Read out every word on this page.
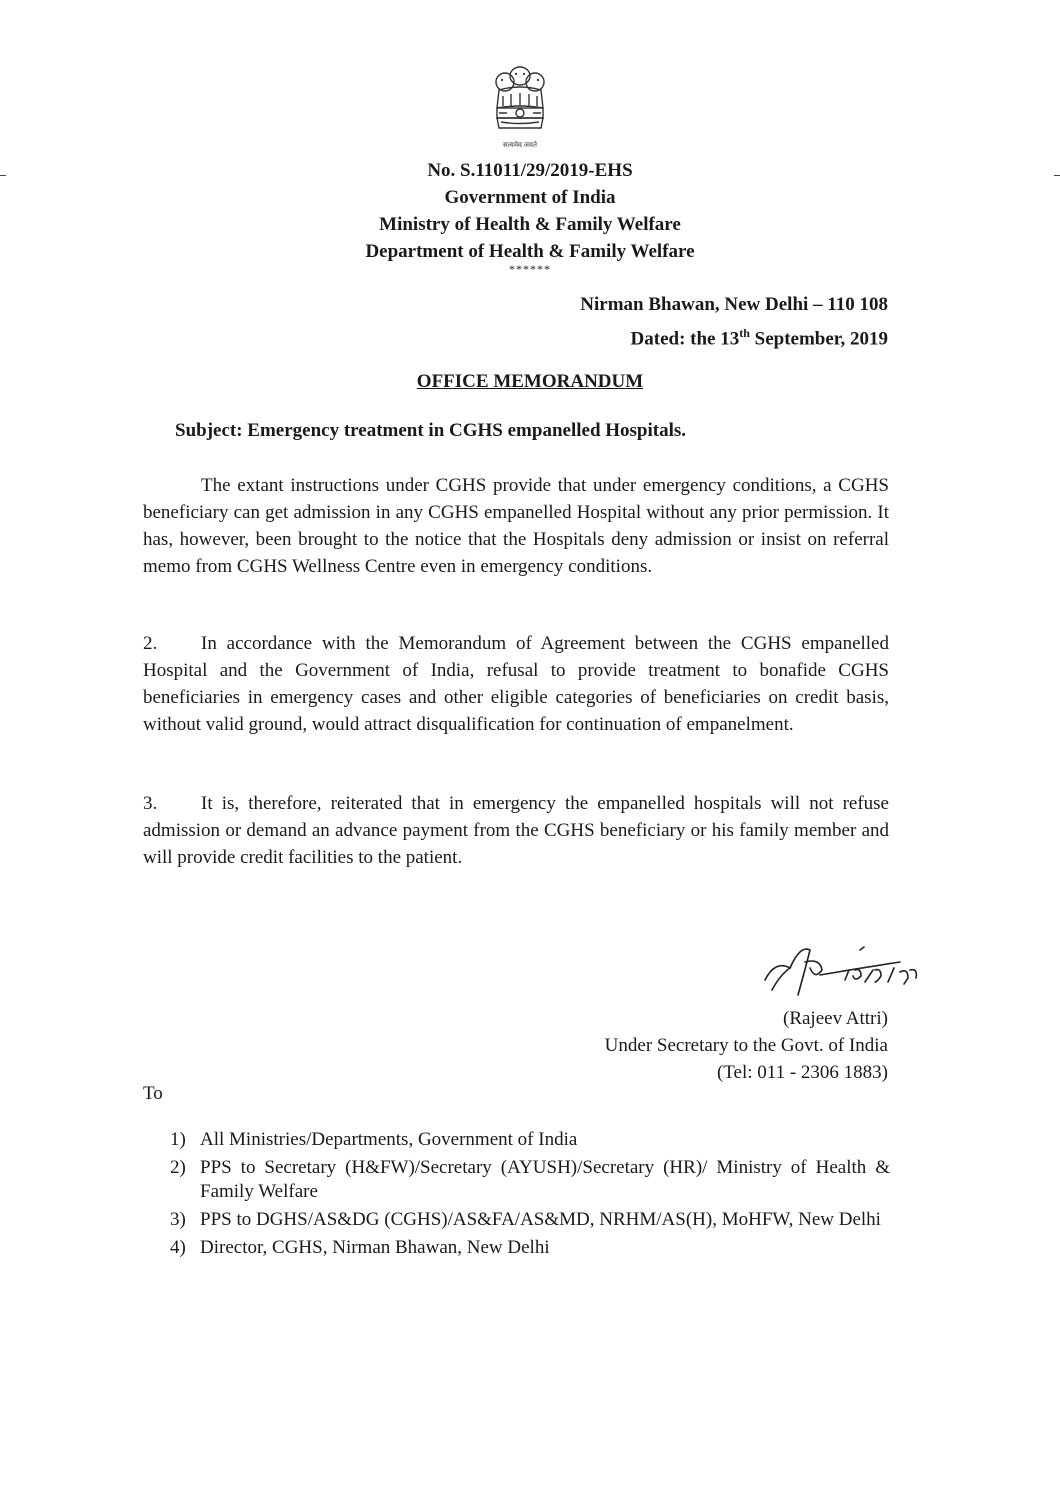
सत्यमेव जयते
No. S.11011/29/2019-EHS
Government of India
Ministry of Health & Family Welfare
Department of Health & Family Welfare
******
Nirman Bhawan, New Delhi – 110 108
Dated: the 13th September, 2019
OFFICE MEMORANDUM
Subject: Emergency treatment in CGHS empanelled Hospitals.

The extant instructions under CGHS provide that under emergency conditions, a CGHS beneficiary can get admission in any CGHS empanelled Hospital without any prior permission. It has, however, been brought to the notice that the Hospitals deny admission or insist on referral memo from CGHS Wellness Centre even in emergency conditions.

2. In accordance with the Memorandum of Agreement between the CGHS empanelled Hospital and the Government of India, refusal to provide treatment to bonafide CGHS beneficiaries in emergency cases and other eligible categories of beneficiaries on credit basis, without valid ground, would attract disqualification for continuation of empanelment.

3. It is, therefore, reiterated that in emergency the empanelled hospitals will not refuse admission or demand an advance payment from the CGHS beneficiary or his family member and will provide credit facilities to the patient.

(Rajeev Attri)
Under Secretary to the Govt. of India
(Tel: 011 - 2306 1883)
To
1) All Ministries/Departments, Government of India
2) PPS to Secretary (H&FW)/Secretary (AYUSH)/Secretary (HR)/ Ministry of Health & Family Welfare
3) PPS to DGHS/AS&DG (CGHS)/AS&FA/AS&MD, NRHM/AS(H), MoHFW, New Delhi
4) Director, CGHS, Nirman Bhawan, New Delhi
